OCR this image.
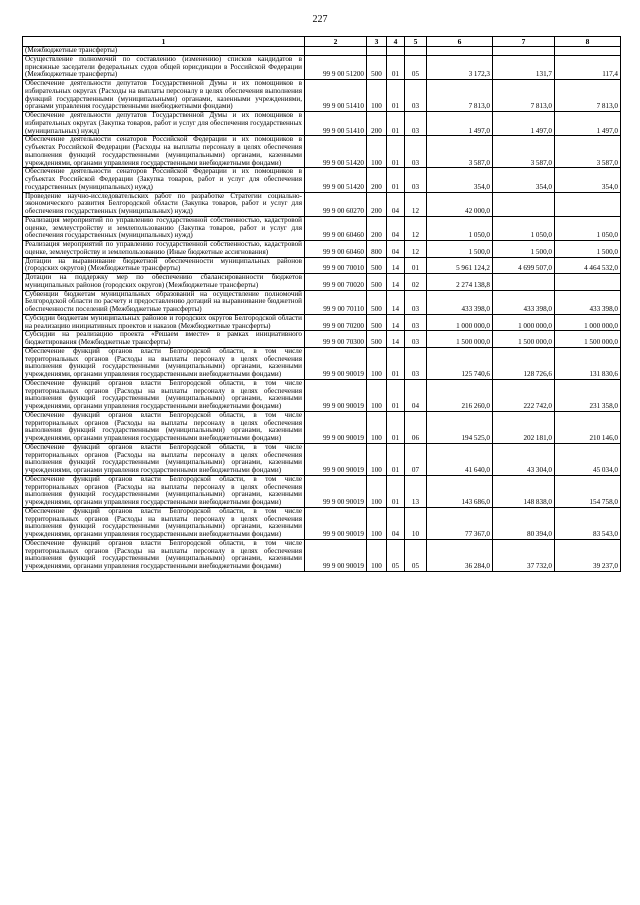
227
1	2	3	4	5	6	7	8
(Межбюджетные трансферты)							
Осуществление полномочий по составлению (изменению) списков кандидатов в присяжные заседатели федеральных судов общей юрисдикции в Российской Федерации (Межбюджетные трансферты)	99 9 00 51200	500	01	05	3 172,3	131,7	117,4
Обеспечение деятельности депутатов Государственной Думы и их помощников в избирательных округах (Расходы на выплаты персоналу в целях обеспечения выполнения функций государственными (муниципальными) органами, казенными учреждениями, органами управления государственными внебюджетными фондами)	99 9 00 51410	100	01	03	7 813,0	7 813,0	7 813,0
Обеспечение деятельности депутатов Государственной Думы и их помощников в избирательных округах (Закупка товаров, работ и услуг для обеспечения государственных (муниципальных) нужд)	99 9 00 51410	200	01	03	1 497,0	1 497,0	1 497,0
Обеспечение деятельности сенаторов Российской Федерации и их помощников в субъектах Российской Федерации (Расходы на выплаты персоналу в целях обеспечения выполнения функций государственными (муниципальными) органами, казенными учреждениями, органами управления государственными внебюджетными фондами)	99 9 00 51420	100	01	03	3 587,0	3 587,0	3 587,0
Обеспечение деятельности сенаторов Российской Федерации и их помощников в субъектах Российской Федерации (Закупка товаров, работ и услуг для обеспечения государственных (муниципальных) нужд)	99 9 00 51420	200	01	03	354,0	354,0	354,0
Проведение научно-исследовательских работ по разработке Стратегии социально-экономического развития Белгородской области (Закупка товаров, работ и услуг для обеспечения государственных (муниципальных) нужд)	99 9 00 60270	200	04	12	42 000,0		
Реализация мероприятий по управлению государственной собственностью, кадастровой оценке, землеустройству и землепользованию (Закупка товаров, работ и услуг для обеспечения государственных (муниципальных) нужд)	99 9 00 60460	200	04	12	1 050,0	1 050,0	1 050,0
Реализация мероприятий по управлению государственной собственностью, кадастровой оценке, землеустройству и землепользованию (Иные бюджетные ассигнования)	99 9 00 60460	800	04	12	1 500,0	1 500,0	1 500,0
Дотации на выравнивание бюджетной обеспеченности муниципальных районов (городских округов) (Межбюджетные трансферты)	99 9 00 70010	500	14	01	5 961 124,2	4 699 507,0	4 464 532,0
Дотации на поддержку мер по обеспечению сбалансированности бюджетов муниципальных районов (городских округов) (Межбюджетные трансферты)	99 9 00 70020	500	14	02	2 274 138,8		
Субвенции бюджетам муниципальных образований на осуществление полномочий Белгородской области по расчету и предоставлению дотаций на выравнивание бюджетной обеспеченности поселений (Межбюджетные трансферты)	99 9 00 70110	500	14	03	433 398,0	433 398,0	433 398,0
Субсидии бюджетам муниципальных районов и городских округов Белгородской области на реализацию инициативных проектов и наказов (Межбюджетные трансферты)	99 9 00 70200	500	14	03	1 000 000,0	1 000 000,0	1 000 000,0
Субсидии на реализацию проекта «Решаем вместе» в рамках инициативного бюджетирования (Межбюджетные трансферты)	99 9 00 70300	500	14	03	1 500 000,0	1 500 000,0	1 500 000,0
Обеспечение функций органов власти Белгородской области, в том числе территориальных органов (Расходы на выплаты персоналу в целях обеспечения выполнения функций государственными (муниципальными) органами, казенными учреждениями, органами управления государственными внебюджетными фондами)	99 9 00 90019	100	01	03	125 740,6	128 726,6	131 830,6
Обеспечение функций органов власти Белгородской области, в том числе территориальных органов (Расходы на выплаты персоналу в целях обеспечения выполнения функций государственными (муниципальными) органами, казенными учреждениями, органами управления государственными внебюджетными фондами)	99 9 00 90019	100	01	04	216 260,0	222 742,0	231 358,0
Обеспечение функций органов власти Белгородской области, в том числе территориальных органов (Расходы на выплаты персоналу в целях обеспечения выполнения функций государственными (муниципальными) органами, казенными учреждениями, органами управления государственными внебюджетными фондами)	99 9 00 90019	100	01	06	194 525,0	202 181,0	210 146,0
Обеспечение функций органов власти Белгородской области, в том числе территориальных органов (Расходы на выплаты персоналу в целях обеспечения выполнения функций государственными (муниципальными) органами, казенными учреждениями, органами управления государственными внебюджетными фондами)	99 9 00 90019	100	01	07	41 640,0	43 304,0	45 034,0
Обеспечение функций органов власти Белгородской области, в том числе территориальных органов (Расходы на выплаты персоналу в целях обеспечения выполнения функций государственными (муниципальными) органами, казенными учреждениями, органами управления государственными внебюджетными фондами)	99 9 00 90019	100	01	13	143 686,0	148 838,0	154 758,0
Обеспечение функций органов власти Белгородской области, в том числе территориальных органов (Расходы на выплаты персоналу в целях обеспечения выполнения функций государственными (муниципальными) органами, казенными учреждениями, органами управления государственными внебюджетными фондами)	99 9 00 90019	100	04	10	77 367,0	80 394,0	83 543,0
Обеспечение функций органов власти Белгородской области, в том числе территориальных органов (Расходы на выплаты персоналу в целях обеспечения выполнения функций государственными (муниципальными) органами, казенными учреждениями, органами управления государственными внебюджетными фондами)	99 9 00 90019	100	05	05	36 284,0	37 732,0	39 237,0
